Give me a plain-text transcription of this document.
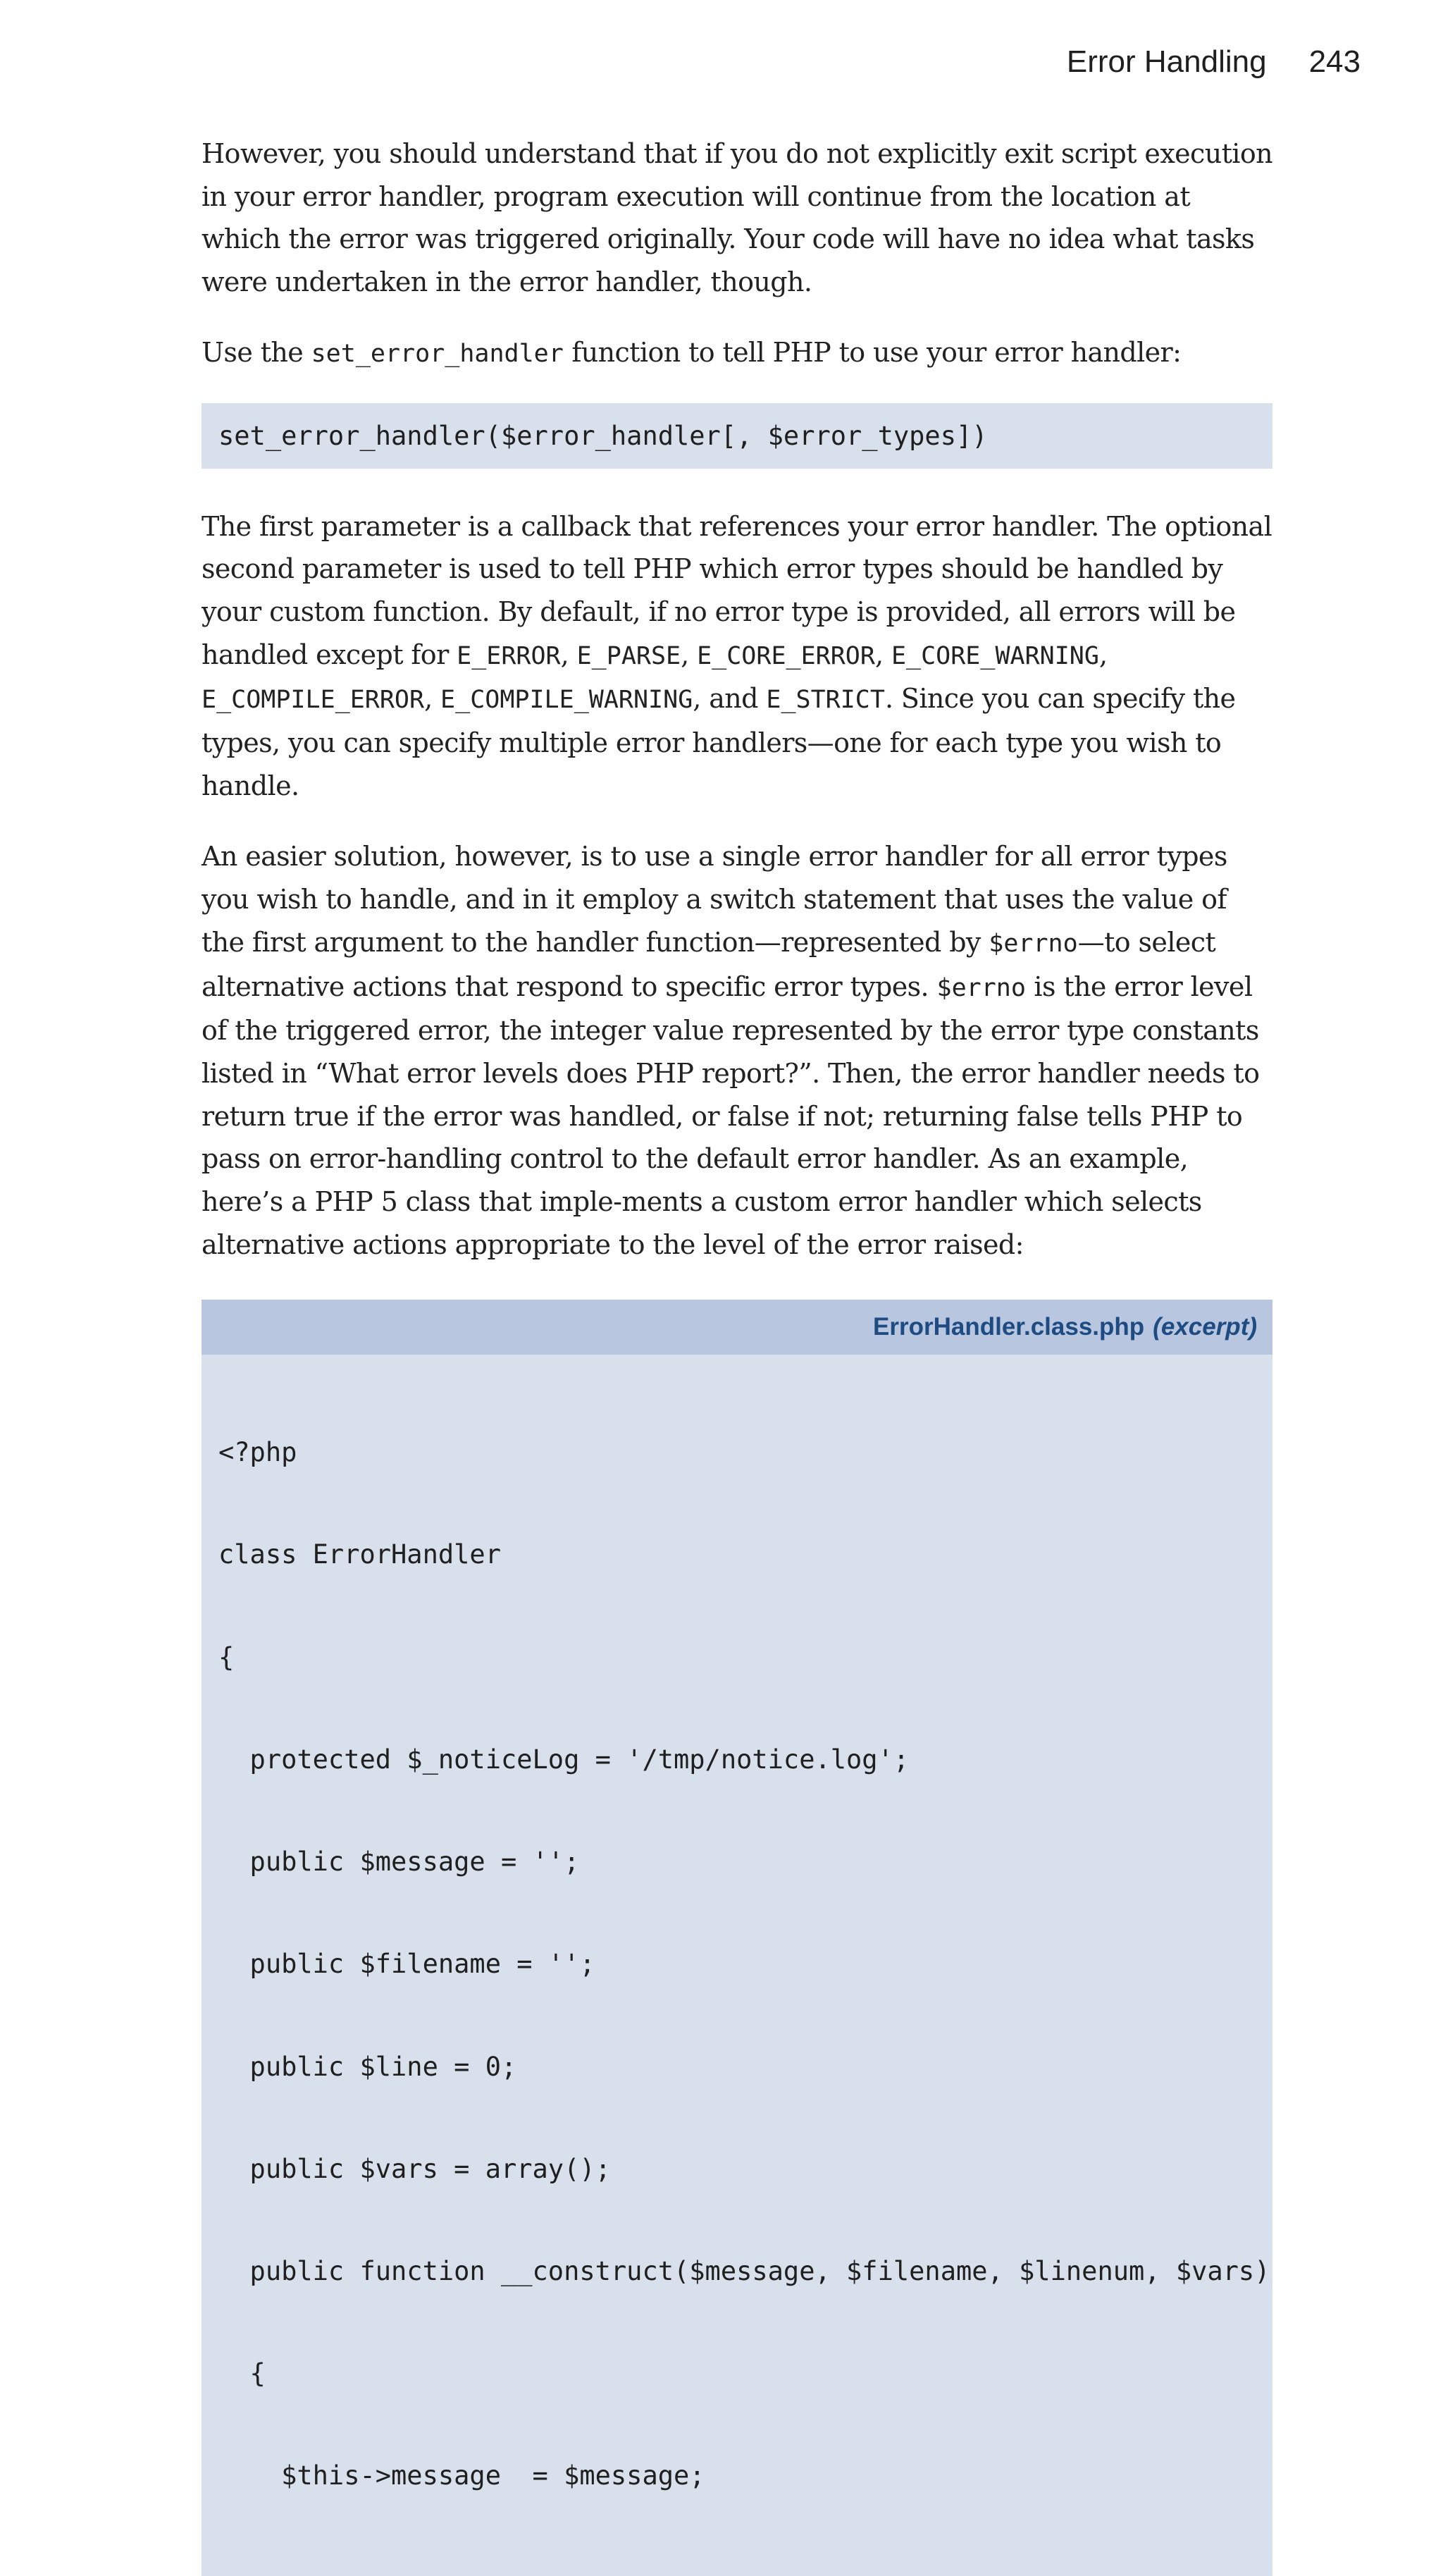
Error Handling 243

However, you should understand that if you do not explicitly exit script execution in your error handler, program execution will continue from the location at which the error was triggered originally. Your code will have no idea what tasks were undertaken in the error handler, though.

Use the set_error_handler function to tell PHP to use your error handler:

set_error_handler($error_handler[, $error_types])

The first parameter is a callback that references your error handler. The optional second parameter is used to tell PHP which error types should be handled by your custom function. By default, if no error type is provided, all errors will be handled except for E_ERROR, E_PARSE, E_CORE_ERROR, E_CORE_WARNING, E_COMPILE_ERROR, E_COMPILE_WARNING, and E_STRICT. Since you can specify the types, you can specify multiple error handlers—one for each type you wish to handle.

An easier solution, however, is to use a single error handler for all error types you wish to handle, and in it employ a switch statement that uses the value of the first argument to the handler function—represented by $errno—to select alternative actions that respond to specific error types. $errno is the error level of the triggered error, the integer value represented by the error type constants listed in “What error levels does PHP report?”. Then, the error handler needs to return true if the error was handled, or false if not; returning false tells PHP to pass on error-handling control to the default error handler. As an example, here’s a PHP 5 class that imple-ments a custom error handler which selects alternative actions appropriate to the level of the error raised:

ErrorHandler.class.php (excerpt)

<?php

class ErrorHandler

{

protected $_noticeLog = '/tmp/notice.log';

public $message = '';

public $filename = '';

public $line = 0;

public $vars = array();

public function __construct($message, $filename, $linenum, $vars)

{

$this->message  = $message;
